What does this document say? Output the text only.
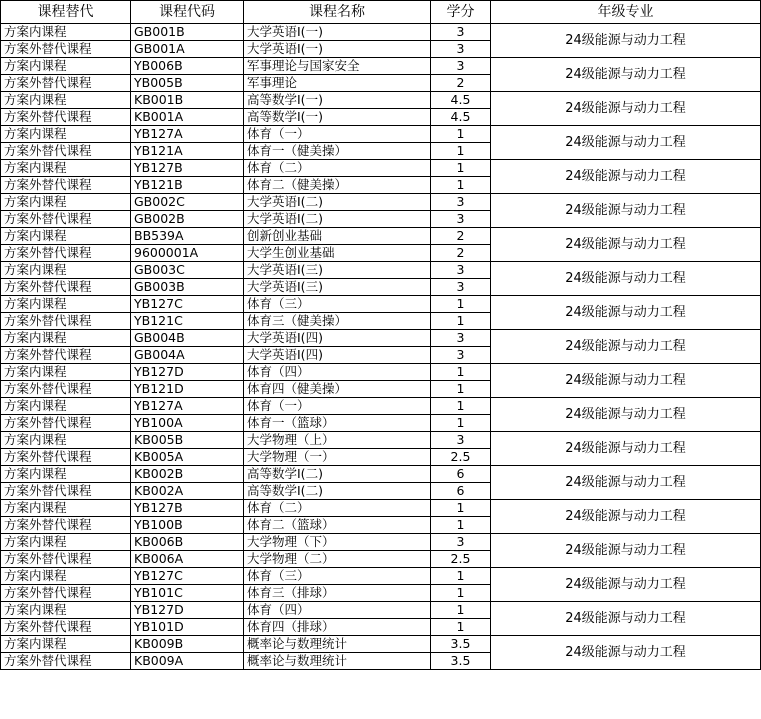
课程替代	课程代码	课程名称	学分	年级专业
方案内课程	GB001B	大学英语Ⅰ(一)	3	24级能源与动力工程
方案外替代课程	GB001A	大学英语Ⅰ(一)	3	
方案内课程	YB006B	军事理论与国家安全	3	24级能源与动力工程
方案外替代课程	YB005B	军事理论	2	
方案内课程	KB001B	高等数学Ⅰ(一)	4.5	24级能源与动力工程
方案外替代课程	KB001A	高等数学Ⅰ(一)	4.5	
方案内课程	YB127A	体育（一）	1	24级能源与动力工程
方案外替代课程	YB121A	体育一（健美操）	1	
方案内课程	YB127B	体育（二）	1	24级能源与动力工程
方案外替代课程	YB121B	体育二（健美操）	1	
方案内课程	GB002C	大学英语Ⅰ(二)	3	24级能源与动力工程
方案外替代课程	GB002B	大学英语Ⅰ(二)	3	
方案内课程	BB539A	创新创业基础	2	24级能源与动力工程
方案外替代课程	9600001A	大学生创业基础	2	
方案内课程	GB003C	大学英语Ⅰ(三)	3	24级能源与动力工程
方案外替代课程	GB003B	大学英语Ⅰ(三)	3	
方案内课程	YB127C	体育（三）	1	24级能源与动力工程
方案外替代课程	YB121C	体育三（健美操）	1	
方案内课程	GB004B	大学英语Ⅰ(四)	3	24级能源与动力工程
方案外替代课程	GB004A	大学英语Ⅰ(四)	3	
方案内课程	YB127D	体育（四）	1	24级能源与动力工程
方案外替代课程	YB121D	体育四（健美操）	1	
方案内课程	YB127A	体育（一）	1	24级能源与动力工程
方案外替代课程	YB100A	体育一（篮球）	1	
方案内课程	KB005B	大学物理（上）	3	24级能源与动力工程
方案外替代课程	KB005A	大学物理（一）	2.5	
方案内课程	KB002B	高等数学Ⅰ(二)	6	24级能源与动力工程
方案外替代课程	KB002A	高等数学Ⅰ(二)	6	
方案内课程	YB127B	体育（二）	1	24级能源与动力工程
方案外替代课程	YB100B	体育二（篮球）	1	
方案内课程	KB006B	大学物理（下）	3	24级能源与动力工程
方案外替代课程	KB006A	大学物理（二）	2.5	
方案内课程	YB127C	体育（三）	1	24级能源与动力工程
方案外替代课程	YB101C	体育三（排球）	1	
方案内课程	YB127D	体育（四）	1	24级能源与动力工程
方案外替代课程	YB101D	体育四（排球）	1	
方案内课程	KB009B	概率论与数理统计	3.5	24级能源与动力工程
方案外替代课程	KB009A	概率论与数理统计	3.5	
